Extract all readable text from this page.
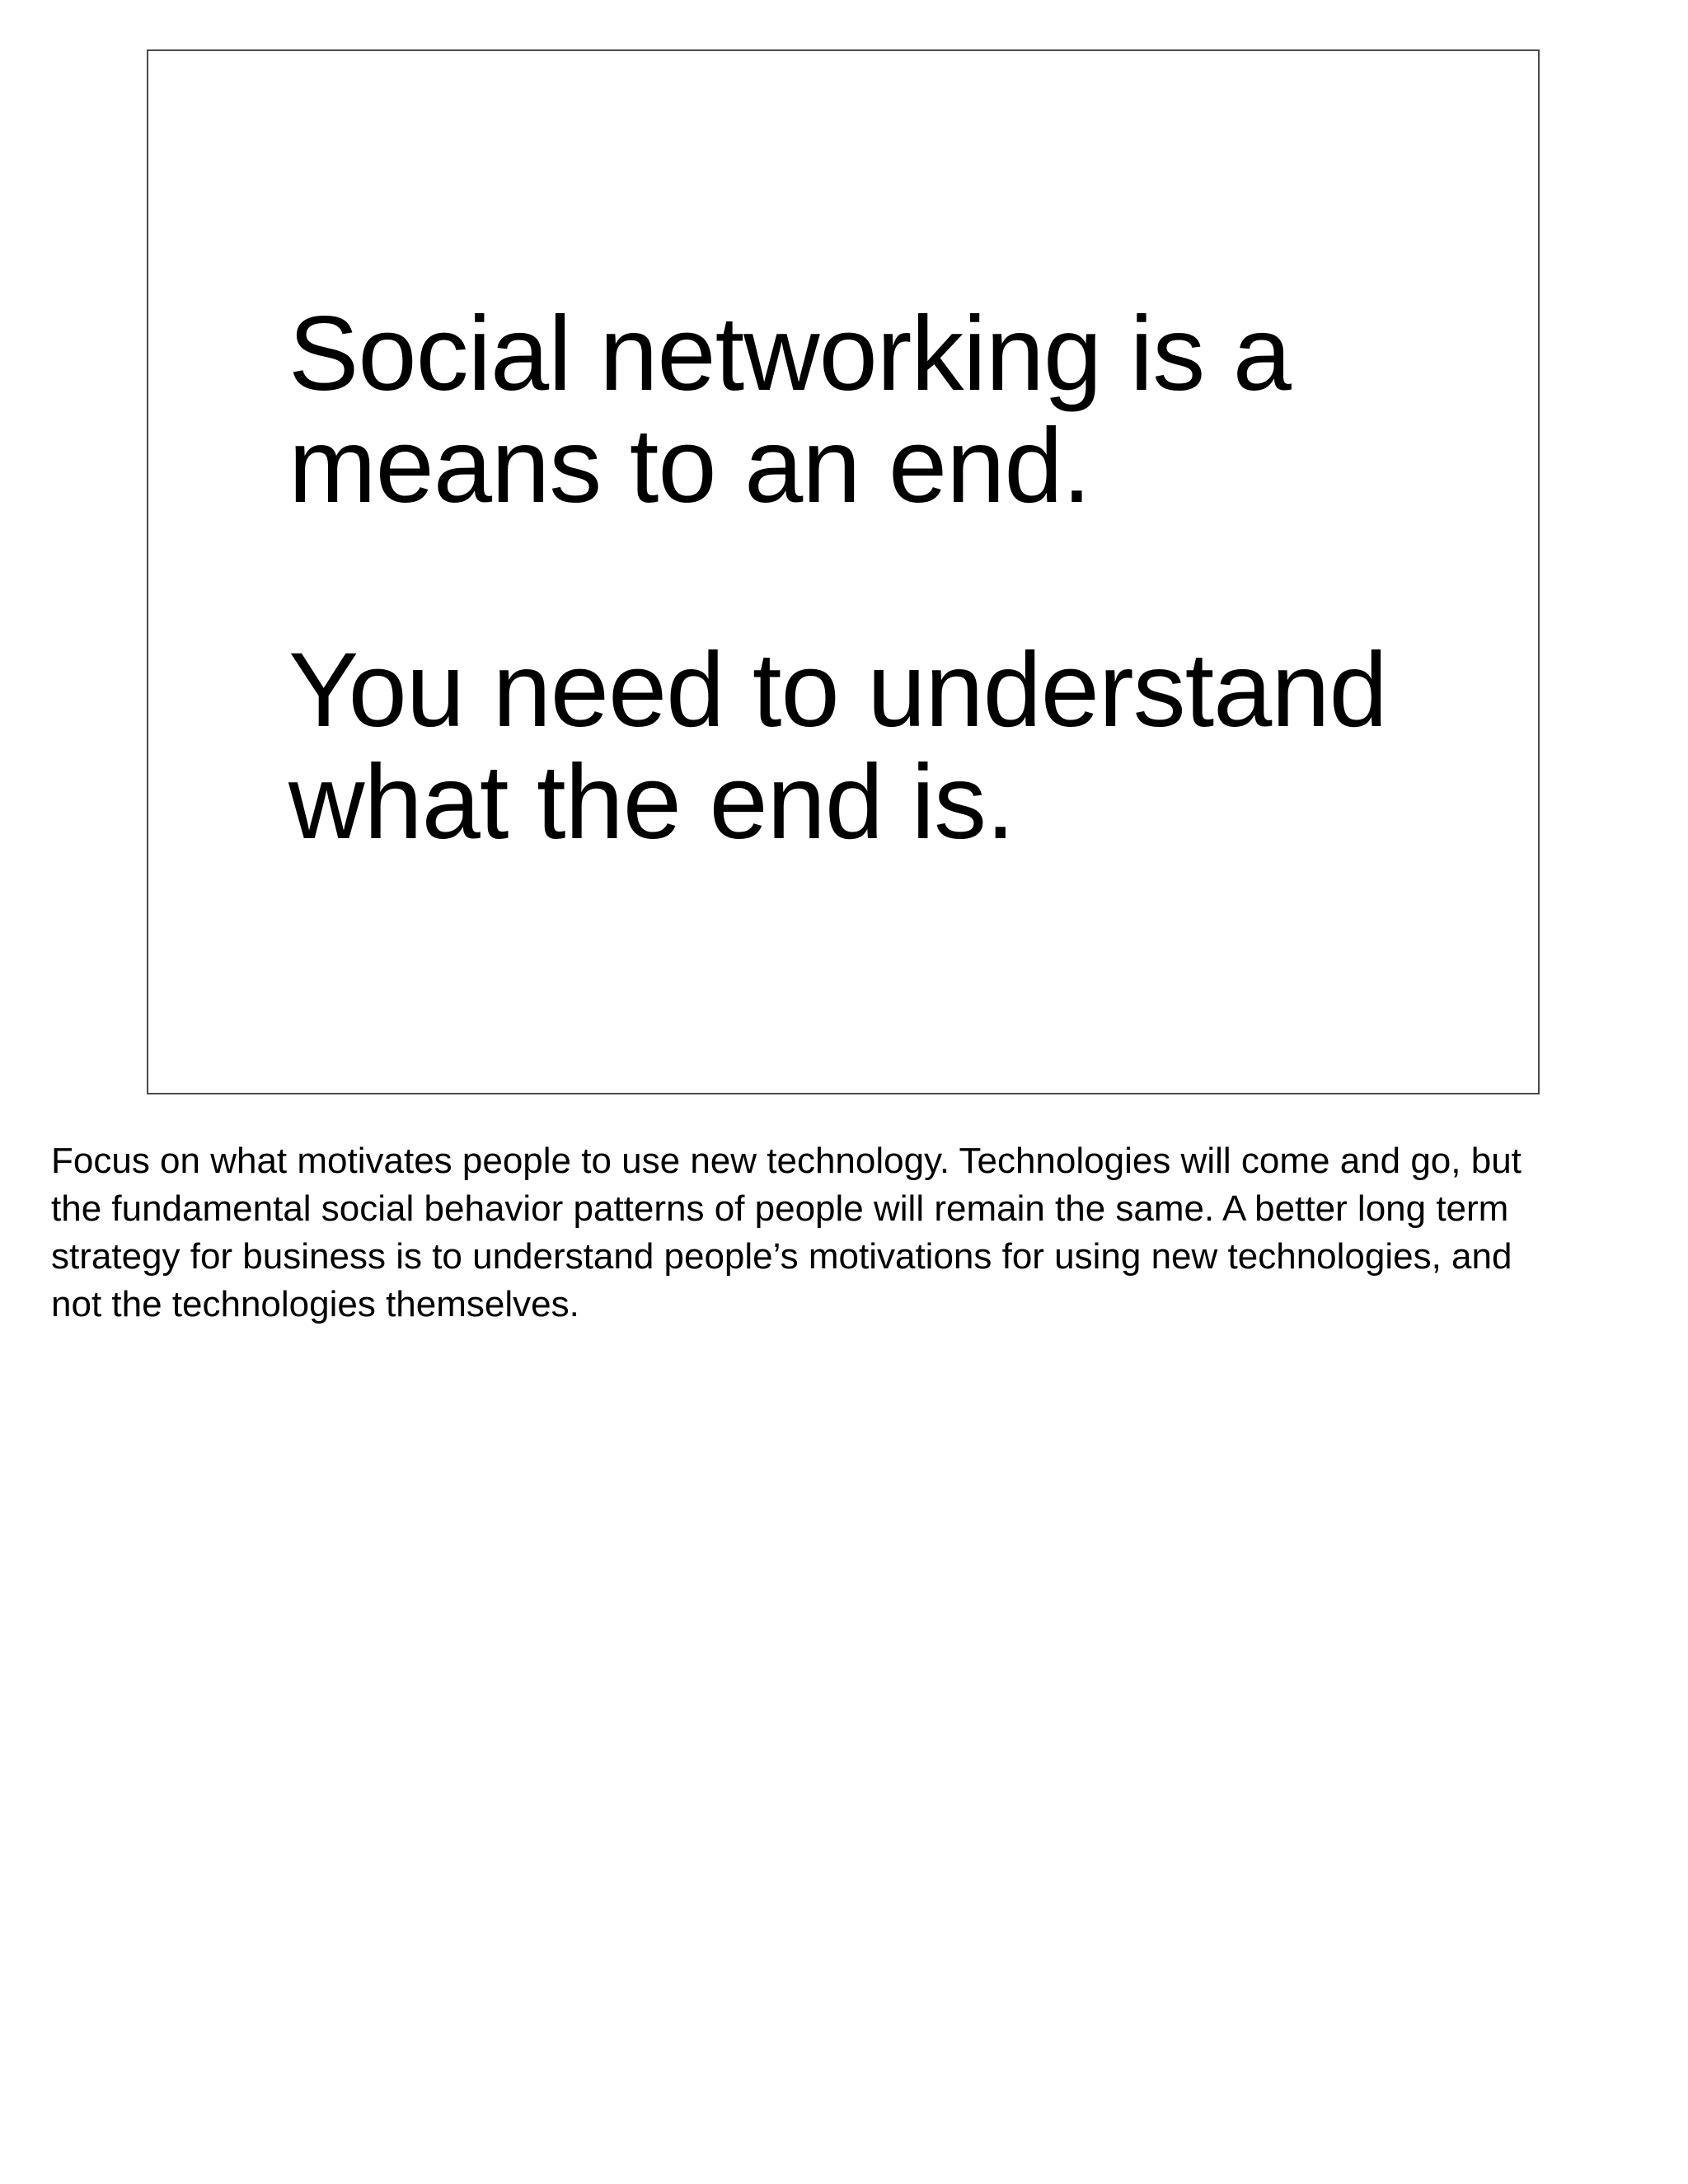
Social networking is a
means to an end.

You need to understand
what the end is.

Focus on what motivates people to use new technology. Technologies will come and go, but
the fundamental social behavior patterns of people will remain the same. A better long term
strategy for business is to understand people’s motivations for using new technologies, and
not the technologies themselves.
